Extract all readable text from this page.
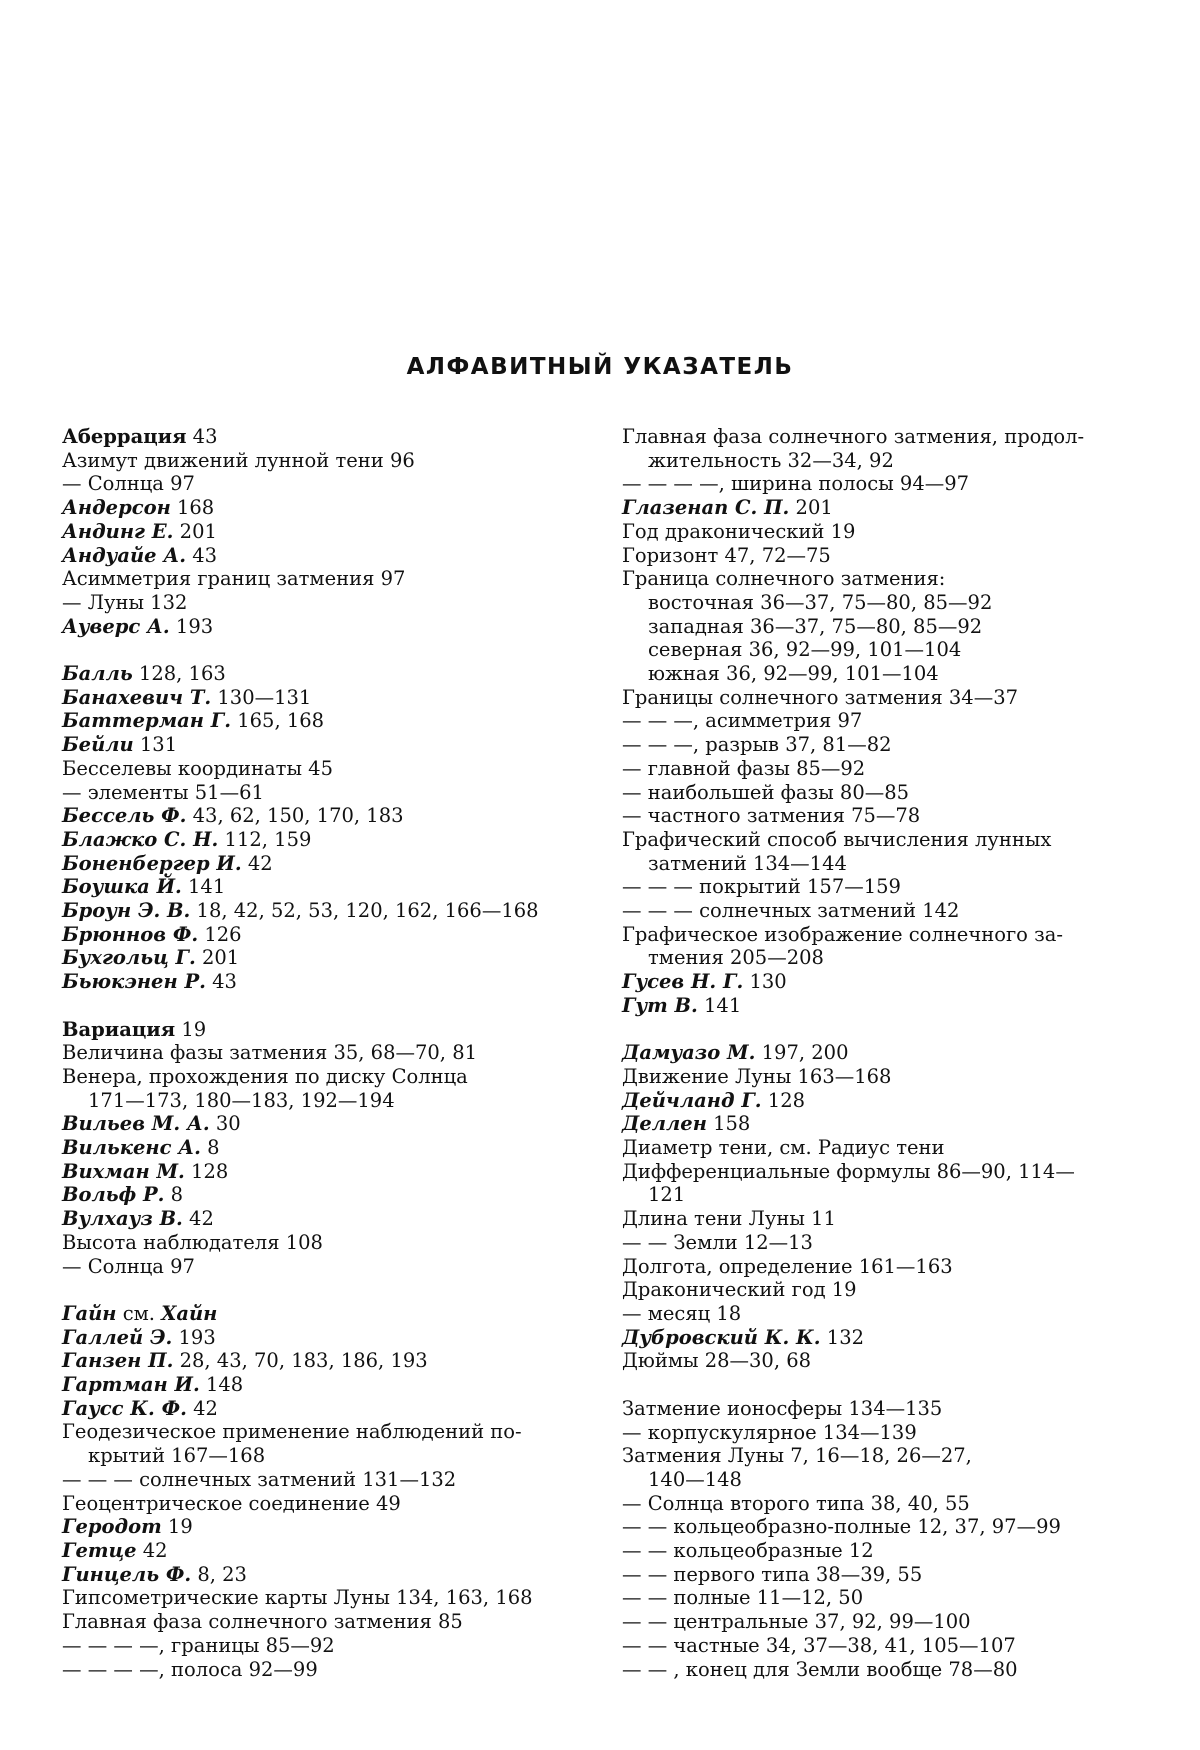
АЛФАВИТНЫЙ УКАЗАТЕЛЬ
Аберрация 43
Азимут движений лунной тени 96
— Солнца 97
Андерсон 168
Андинг Е. 201
Андуайе А. 43
Асимметрия границ затмения 97
— Луны 132
Ауверс А. 193
Балль 128, 163
Банахевич Т. 130—131
Баттерман Г. 165, 168
Бейли 131
Бесселевы координаты 45
— элементы 51—61
Бессель Ф. 43, 62, 150, 170, 183
Блажко С. Н. 112, 159
Боненбергер И. 42
Боушка Й. 141
Броун Э. В. 18, 42, 52, 53, 120, 162, 166—168
Брюннов Ф. 126
Бухгольц Г. 201
Бьюкэнен Р. 43
Вариация 19
Величина фазы затмения 35, 68—70, 81
Венера, прохождения по диску Солнца
171—173, 180—183, 192—194
Вильев М. А. 30
Вилькенс А. 8
Вихман М. 128
Вольф Р. 8
Вулхауз В. 42
Высота наблюдателя 108
— Солнца 97
Гайн см. Хайн
Галлей Э. 193
Ганзен П. 28, 43, 70, 183, 186, 193
Гартман И. 148
Гаусс К. Ф. 42
Геодезическое применение наблюдений по-
крытий 167—168
— — — солнечных затмений 131—132
Геоцентрическое соединение 49
Геродот 19
Гетце 42
Гинцель Ф. 8, 23
Гипсометрические карты Луны 134, 163, 168
Главная фаза солнечного затмения 85
— — — —, границы 85—92
— — — —, полоса 92—99
Главная фаза солнечного затмения, продол-
жительность 32—34, 92
— — — —, ширина полосы 94—97
Глазенап С. П. 201
Год драконический 19
Горизонт 47, 72—75
Граница солнечного затмения:
восточная 36—37, 75—80, 85—92
западная 36—37, 75—80, 85—92
северная 36, 92—99, 101—104
южная 36, 92—99, 101—104
Границы солнечного затмения 34—37
— — —, асимметрия 97
— — —, разрыв 37, 81—82
— главной фазы 85—92
— наибольшей фазы 80—85
— частного затмения 75—78
Графический способ вычисления лунных
затмений 134—144
— — — покрытий 157—159
— — — солнечных затмений 142
Графическое изображение солнечного за-
тмения 205—208
Гусев Н. Г. 130
Гут В. 141
Дамуазо М. 197, 200
Движение Луны 163—168
Дейчланд Г. 128
Деллен 158
Диаметр тени, см. Радиус тени
Дифференциальные формулы 86—90, 114—
121
Длина тени Луны 11
— — Земли 12—13
Долгота, определение 161—163
Драконический год 19
— месяц 18
Дубровский К. К. 132
Дюймы 28—30, 68
Затмение ионосферы 134—135
— корпускулярное 134—139
Затмения Луны 7, 16—18, 26—27,
140—148
— Солнца второго типа 38, 40, 55
— — кольцеобразно-полные 12, 37, 97—99
— — кольцеобразные 12
— — первого типа 38—39, 55
— — полные 11—12, 50
— — центральные 37, 92, 99—100
— — частные 34, 37—38, 41, 105—107
— — , конец для Земли вообще 78—80
